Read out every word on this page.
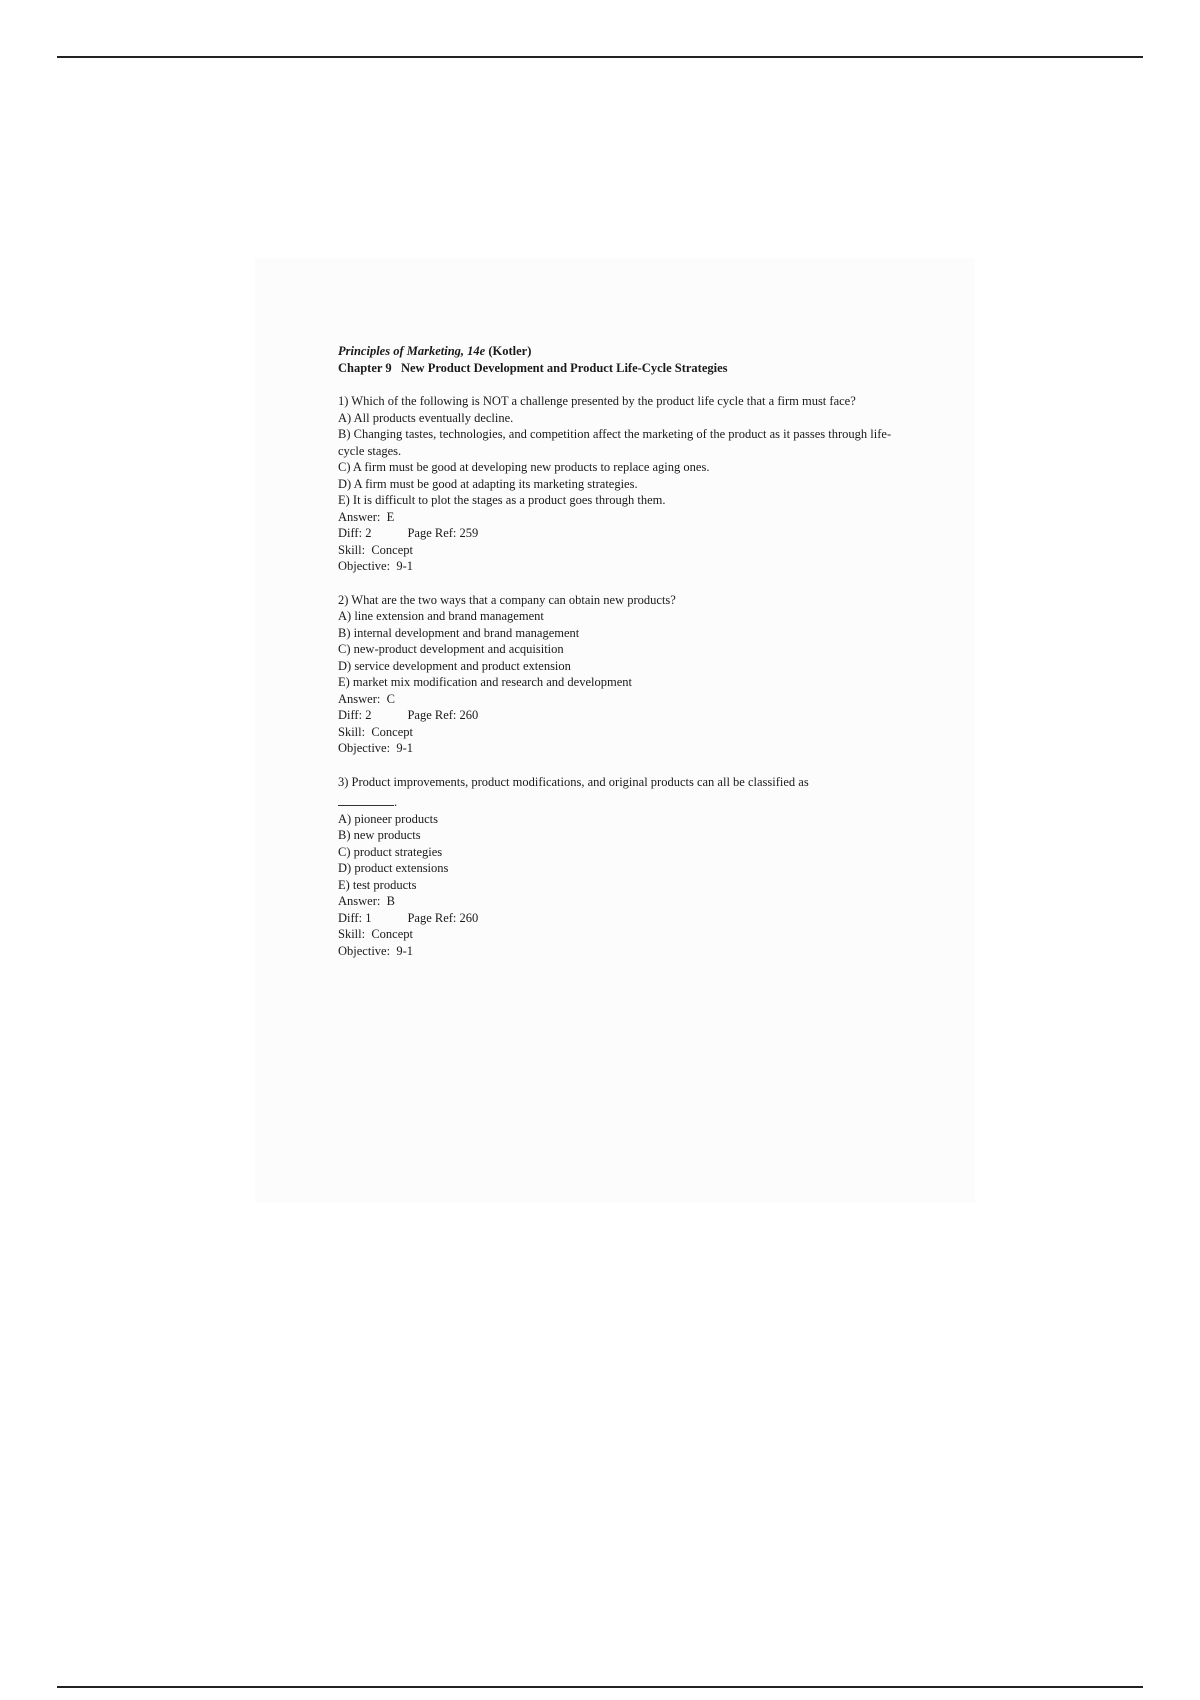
Principles of Marketing, 14e (Kotler)
Chapter 9   New Product Development and Product Life-Cycle Strategies
1) Which of the following is NOT a challenge presented by the product life cycle that a firm must face?
A) All products eventually decline.
B) Changing tastes, technologies, and competition affect the marketing of the product as it passes through life-cycle stages.
C) A firm must be good at developing new products to replace aging ones.
D) A firm must be good at adapting its marketing strategies.
E) It is difficult to plot the stages as a product goes through them.
Answer:  E
Diff: 2	Page Ref: 259
Skill:  Concept
Objective:  9-1
2) What are the two ways that a company can obtain new products?
A) line extension and brand management
B) internal development and brand management
C) new-product development and acquisition
D) service development and product extension
E) market mix modification and research and development
Answer:  C
Diff: 2	Page Ref: 260
Skill:  Concept
Objective:  9-1
3) Product improvements, product modifications, and original products can all be classified as
.
A) pioneer products
B) new products
C) product strategies
D) product extensions
E) test products
Answer:  B
Diff: 1	Page Ref: 260
Skill:  Concept
Objective:  9-1
